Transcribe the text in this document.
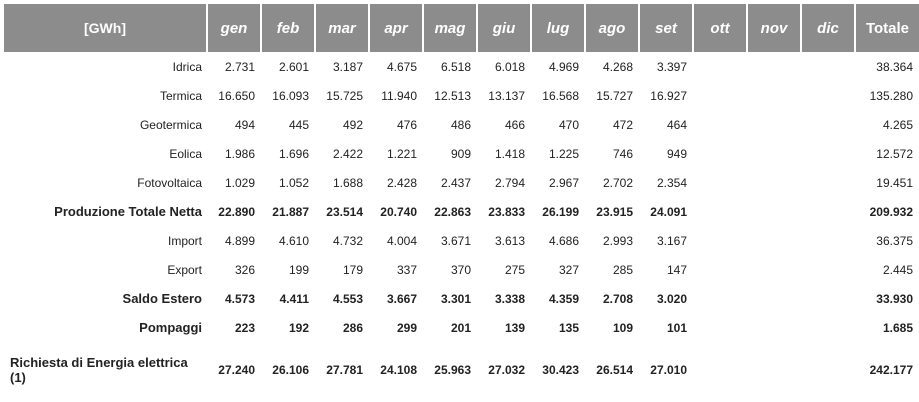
[GWh]	gen	feb	mar	apr	mag	giu	lug	ago	set	ott	nov	dic	Totale
Idrica	2.731	2.601	3.187	4.675	6.518	6.018	4.969	4.268	3.397				38.364
Termica	16.650	16.093	15.725	11.940	12.513	13.137	16.568	15.727	16.927				135.280
Geotermica	494	445	492	476	486	466	470	472	464				4.265
Eolica	1.986	1.696	2.422	1.221	909	1.418	1.225	746	949				12.572
Fotovoltaica	1.029	1.052	1.688	2.428	2.437	2.794	2.967	2.702	2.354				19.451
Produzione Totale Netta	22.890	21.887	23.514	20.740	22.863	23.833	26.199	23.915	24.091				209.932
Import	4.899	4.610	4.732	4.004	3.671	3.613	4.686	2.993	3.167				36.375
Export	326	199	179	337	370	275	327	285	147				2.445
Saldo Estero	4.573	4.411	4.553	3.667	3.301	3.338	4.359	2.708	3.020				33.930
Pompaggi	223	192	286	299	201	139	135	109	101				1.685
Richiesta di Energia elettrica (1)	27.240	26.106	27.781	24.108	25.963	27.032	30.423	26.514	27.010				242.177
